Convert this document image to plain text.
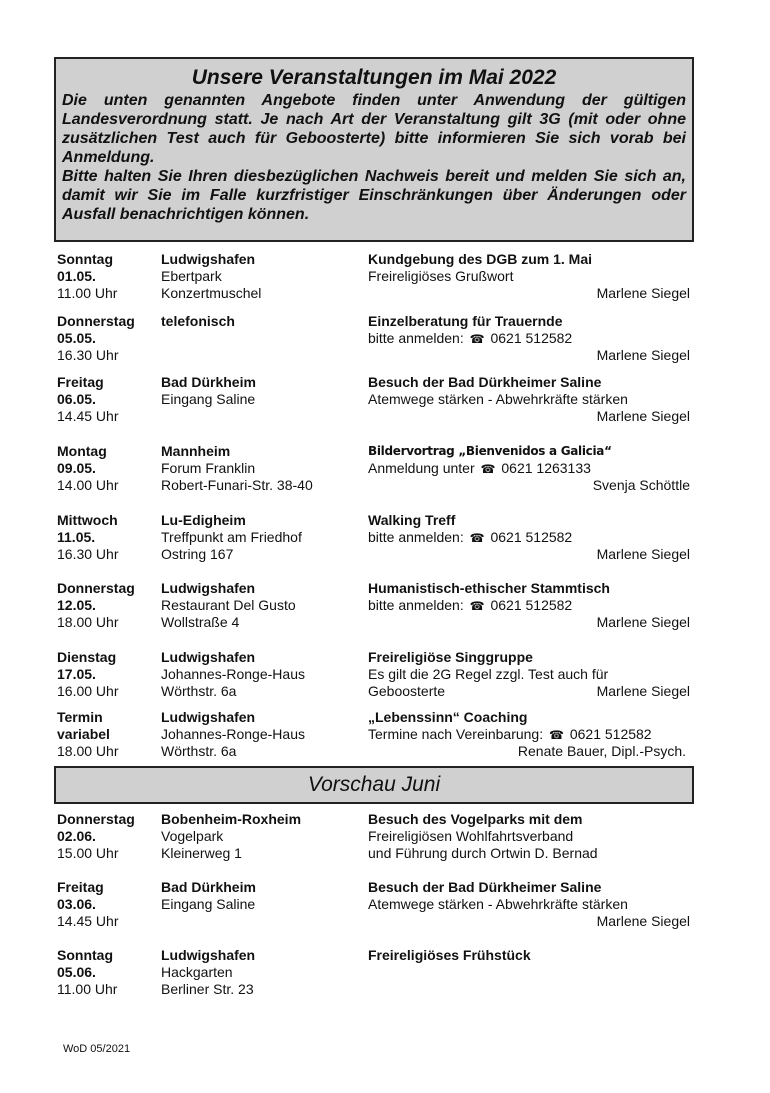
Unsere Veranstaltungen im Mai 2022

Die unten genannten Angebote finden unter Anwendung der gültigen Landesverordnung statt. Je nach Art der Veranstaltung gilt 3G (mit oder ohne zusätzlichen Test auch für Geboosterte) bitte informieren Sie sich vorab bei Anmeldung.

Bitte halten Sie Ihren diesbezüglichen Nachweis bereit und melden Sie sich an, damit wir Sie im Falle kurzfristiger Einschränkungen über Änderungen oder Ausfall benachrichtigen können.

Sonntag
01.05.
11.00 Uhr
Ludwigshafen
Ebertpark
Konzertmuschel
Kundgebung des DGB zum 1. Mai
Freireligiöses Grußwort
Marlene Siegel
Donnerstag
05.05.
16.30 Uhr
telefonisch	Einzelberatung für Trauernde
bitte anmelden: ☎ 0621 512582
Marlene Siegel
Freitag
06.05.
14.45 Uhr
Bad Dürkheim
Eingang Saline
Besuch der Bad Dürkheimer Saline
Atemwege stärken - Abwehrkräfte stärken
Marlene Siegel
Montag
09.05.
14.00 Uhr
Mannheim
Forum Franklin
Robert-Funari-Str. 38-40
Bildervortrag „Bienvenidos a Galicia“
Anmeldung unter ☎ 0621 1263133
Svenja Schöttle
Mittwoch
11.05.
16.30 Uhr
Lu-Edigheim
Treffpunkt am Friedhof
Ostring 167
Walking Treff
bitte anmelden: ☎ 0621 512582
Marlene Siegel
Donnerstag
12.05.
18.00 Uhr
Ludwigshafen
Restaurant Del Gusto
Wollstraße 4
Humanistisch-ethischer Stammtisch
bitte anmelden: ☎ 0621 512582
Marlene Siegel
Dienstag
17.05.
16.00 Uhr
Ludwigshafen
Johannes-Ronge-Haus
Wörthstr. 6a
Freireligiöse Singgruppe
Es gilt die 2G Regel zzgl. Test auch für
Geboosterte	Marlene Siegel
Termin
variabel
18.00 Uhr
Ludwigshafen
Johannes-Ronge-Haus
Wörthstr. 6a
„Lebenssinn“ Coaching
Termine nach Vereinbarung: ☎ 0621 512582
Renate Bauer, Dipl.-Psych.
Vorschau Juni
Donnerstag
02.06.
15.00 Uhr
Bobenheim-Roxheim
Vogelpark
Kleinerweg 1
Besuch des Vogelparks mit dem
Freireligiösen Wohlfahrtsverband
und Führung durch Ortwin D. Bernad
Freitag
03.06.
14.45 Uhr
Bad Dürkheim
Eingang Saline
Besuch der Bad Dürkheimer Saline
Atemwege stärken - Abwehrkräfte stärken
Marlene Siegel
Sonntag
05.06.
11.00 Uhr
Ludwigshafen
Hackgarten
Berliner Str. 23
Freireligiöses Frühstück
WoD 05/2021
